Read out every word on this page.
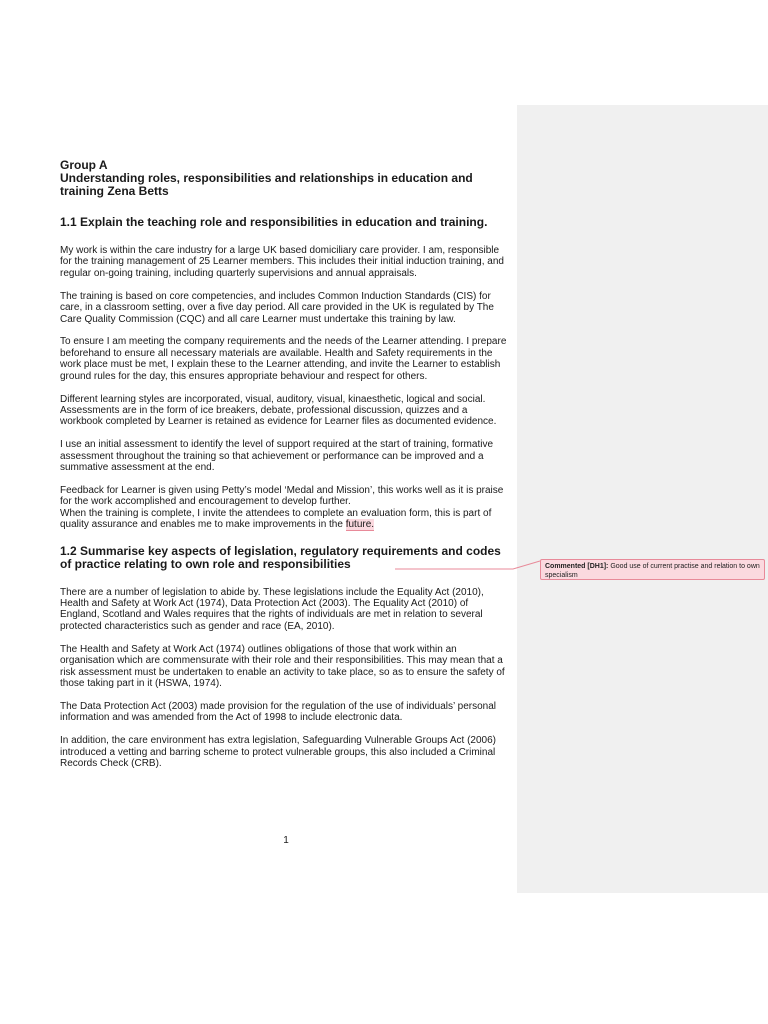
Group A
Understanding roles, responsibilities and relationships in education and training Zena Betts

1.1 Explain the teaching role and responsibilities in education and training.

My work is within the care industry for a large UK based domiciliary care provider. I am, responsible for the training management of 25 Learner members. This includes their initial induction training, and regular on-going training, including quarterly supervisions and annual appraisals.

The training is based on core competencies, and includes Common Induction Standards (CIS) for care, in a classroom setting, over a five day period. All care provided in the UK is regulated by The Care Quality Commission (CQC) and all care Learner must undertake this training by law.

To ensure I am meeting the company requirements and the needs of the Learner attending. I prepare beforehand to ensure all necessary materials are available. Health and Safety requirements in the work place must be met, I explain these to the Learner attending, and invite the Learner to establish ground rules for the day, this ensures appropriate behaviour and respect for others.

Different learning styles are incorporated, visual, auditory, visual, kinaesthetic, logical and social. Assessments are in the form of ice breakers, debate, professional discussion, quizzes and a workbook completed by Learner is retained as evidence for Learner files as documented evidence.

I use an initial assessment to identify the level of support required at the start of training, formative assessment throughout the training so that achievement or performance can be improved and a summative assessment at the end.

Feedback for Learner is given using Petty’s model ‘Medal and Mission’, this works well as it is praise for the work accomplished and encouragement to develop further.

When the training is complete, I invite the attendees to complete an evaluation form, this is part of quality assurance and enables me to make improvements in the future.

1.2 Summarise key aspects of legislation, regulatory requirements and codes of practice relating to own role and responsibilities

There are a number of legislation to abide by. These legislations include the Equality Act (2010), Health and Safety at Work Act (1974), Data Protection Act (2003). The Equality Act (2010) of England, Scotland and Wales requires that the rights of individuals are met in relation to several protected characteristics such as gender and race (EA, 2010).

The Health and Safety at Work Act (1974) outlines obligations of those that work within an organisation which are commensurate with their role and their responsibilities. This may mean that a risk assessment must be undertaken to enable an activity to take place, so as to ensure the safety of those taking part in it (HSWA, 1974).

The Data Protection Act (2003) made provision for the regulation of the use of individuals’ personal information and was amended from the Act of 1998 to include electronic data.

In addition, the care environment has extra legislation, Safeguarding Vulnerable Groups Act (2006) introduced a vetting and barring scheme to protect vulnerable groups, this also included a Criminal Records Check (CRB).

Commented [DH1]: Good use of current practise and relation to own specialism
1
